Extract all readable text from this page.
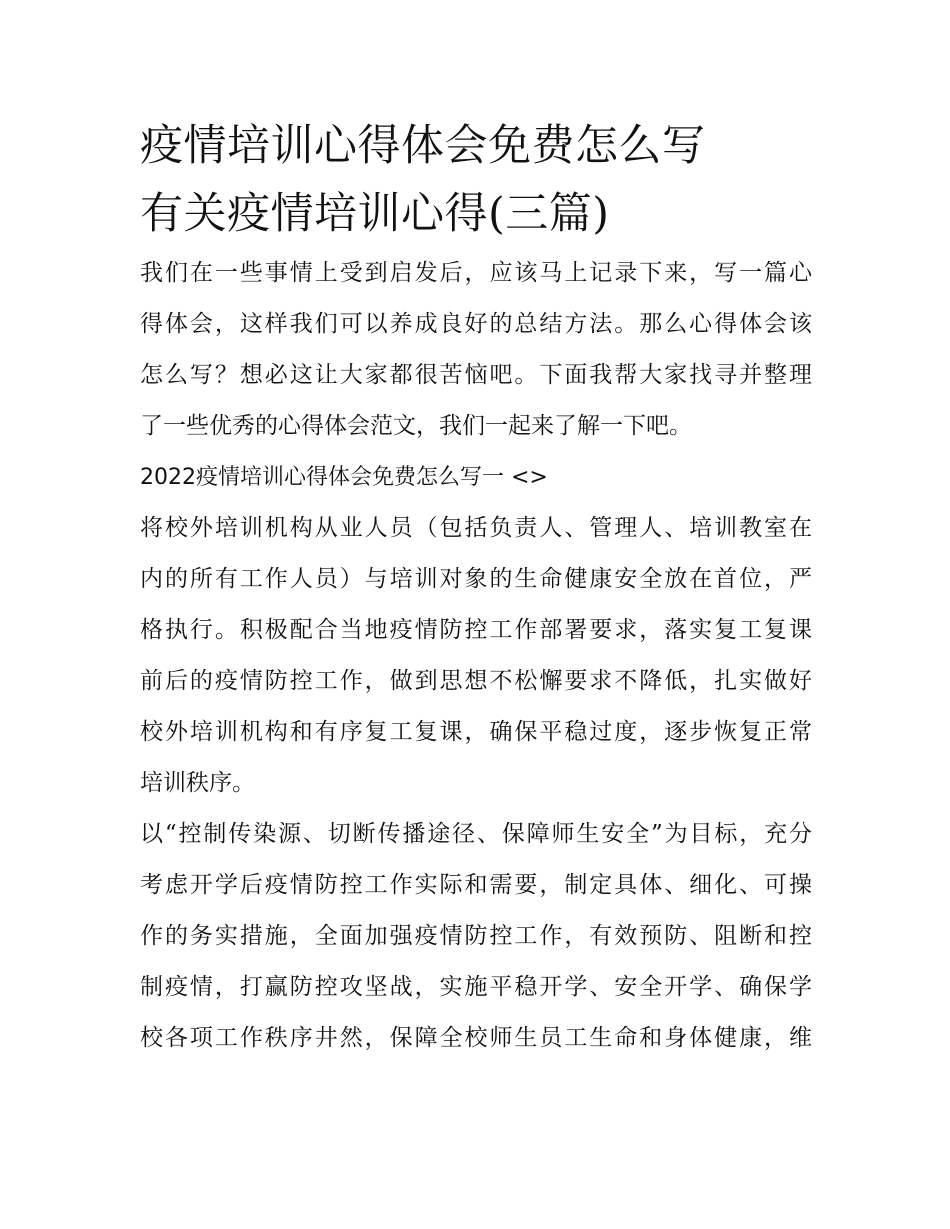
疫情培训心得体会免费怎么写
有关疫情培训心得(三篇)
我们在一些事情上受到启发后，应该马上记录下来，写一篇心
得体会，这样我们可以养成良好的总结方法。那么心得体会该
怎么写？想必这让大家都很苦恼吧。下面我帮大家找寻并整理
了一些优秀的心得体会范文，我们一起来了解一下吧。
2022疫情培训心得体会免费怎么写一 <>
将校外培训机构从业人员（包括负责人、管理人、培训教室在
内的所有工作人员）与培训对象的生命健康安全放在首位，严
格执行。积极配合当地疫情防控工作部署要求，落实复工复课
前后的疫情防控工作，做到思想不松懈要求不降低，扎实做好
校外培训机构和有序复工复课，确保平稳过度，逐步恢复正常
培训秩序。
以“控制传染源、切断传播途径、保障师生安全”为目标，充分
考虑开学后疫情防控工作实际和需要，制定具体、细化、可操
作的务实措施，全面加强疫情防控工作，有效预防、阻断和控
制疫情，打赢防控攻坚战，实施平稳开学、安全开学、确保学
校各项工作秩序井然，保障全校师生员工生命和身体健康，维
